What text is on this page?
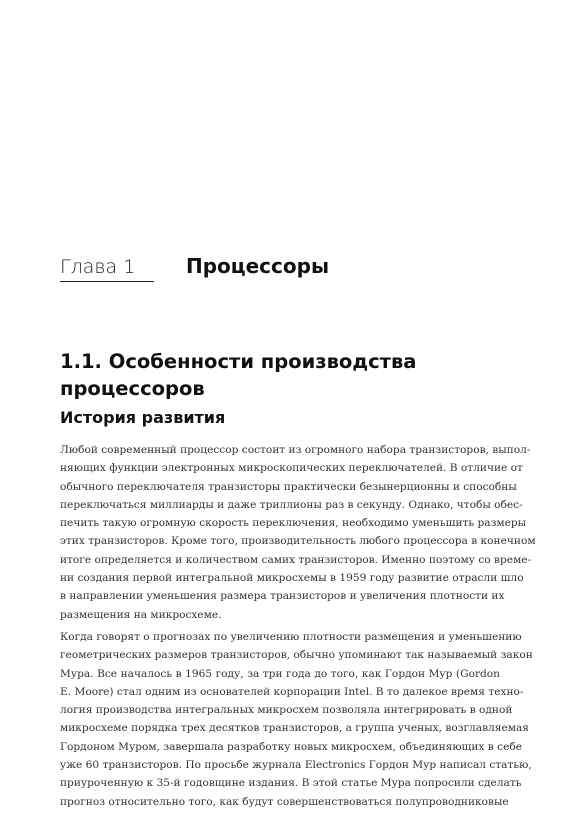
Глава 1	Процессоры
1.1. Особенности производства
процессоров
История развития

Любой современный процессор состоит из огромного набора транзисторов, выпол-
няющих функции электронных микроскопических переключателей. В отличие от
обычного переключателя транзисторы практически безынерционны и способны
переключаться миллиарды и даже триллионы раз в секунду. Однако, чтобы обес-
печить такую огромную скорость переключения, необходимо уменьшить размеры
этих транзисторов. Кроме того, производительность любого процессора в конечном
итоге определяется и количеством самих транзисторов. Именно поэтому со време-
ни создания первой интегральной микросхемы в 1959 году развитие отрасли шло
в направлении уменьшения размера транзисторов и увеличения плотности их
размещения на микросхеме.

Когда говорят о прогнозах по увеличению плотности размещения и уменьшению
геометрических размеров транзисторов, обычно упоминают так называемый закон
Мура. Все началось в 1965 году, за три года до того, как Гордон Мур (Gordon
E. Moore) стал одним из основателей корпорации Intel. В то далекое время техно-
логия производства интегральных микросхем позволяла интегрировать в одной
микросхеме порядка трех десятков транзисторов, а группа ученых, возглавляемая
Гордоном Муром, завершала разработку новых микросхем, объединяющих в себе
уже 60 транзисторов. По просьбе журнала Electronics Гордон Мур написал статью,
приуроченную к 35-й годовщине издания. В этой статье Мура попросили сделать
прогноз относительно того, как будут совершенствоваться полупроводниковые
